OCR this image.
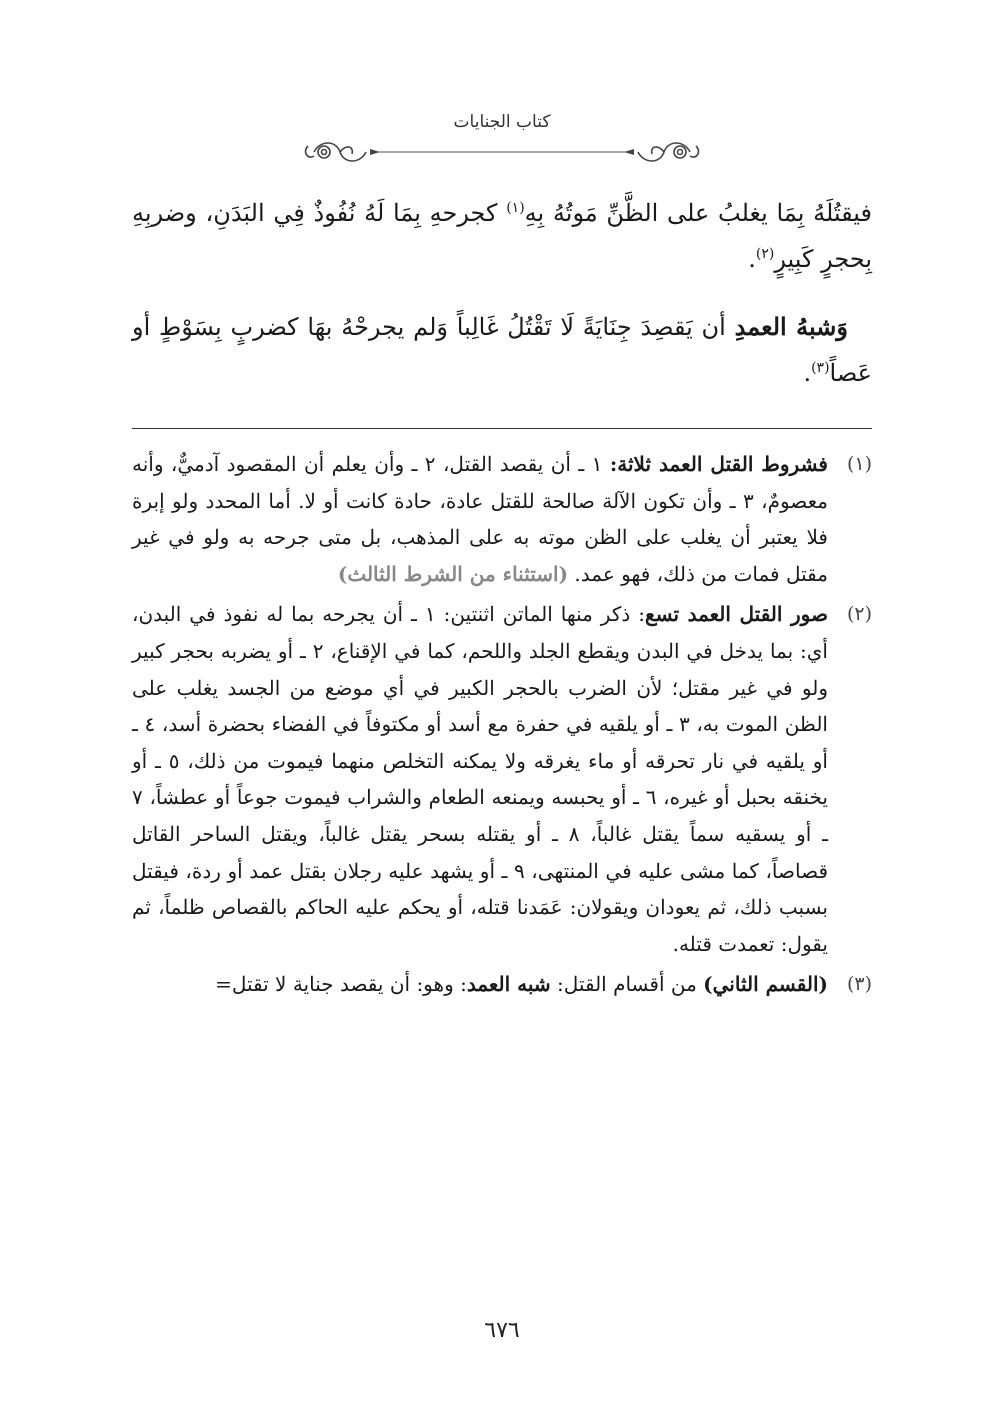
كتاب الجنايات

فيقتُلَهُ بِمَا يغلبُ على الظَّنِّ مَوتُهُ بِهِ$^{(١)}$ كجرحهِ بِمَا لَهُ نُفُوذٌ فِي البَدَنِ، وضربِهِ بِحجرٍ كَبِيرٍ$^{(٢)}$.

وَشبهُ العمدِ أن يَقصِدَ جِنَايَةً لَا تَقْتُلُ غَالِباً وَلم يجرحْهُ بهَا كضربٍ بِسَوْطٍ أو عَصاً$^{(٣)}$.

(١)
فشروط القتل العمد ثلاثة: ١ ـ أن يقصد القتل، ٢ ـ وأن يعلم أن المقصود آدميٌّ، وأنه معصومٌ، ٣ ـ وأن تكون الآلة صالحة للقتل عادة، حادة كانت أو لا. أما المحدد ولو إبرة فلا يعتبر أن يغلب على الظن موته به على المذهب، بل متى جرحه به ولو في غير مقتل فمات من ذلك، فهو عمد. (استثناء من الشرط الثالث)
(٢)
صور القتل العمد تسع: ذكر منها الماتن اثنتين: ١ ـ أن يجرحه بما له نفوذ في البدن، أي: بما يدخل في البدن ويقطع الجلد واللحم، كما في الإقناع، ٢ ـ أو يضربه بحجر كبير ولو في غير مقتل؛ لأن الضرب بالحجر الكبير في أي موضع من الجسد يغلب على الظن الموت به، ٣ ـ أو يلقيه في حفرة مع أسد أو مكتوفاً في الفضاء بحضرة أسد، ٤ ـ أو يلقيه في نار تحرقه أو ماء يغرقه ولا يمكنه التخلص منهما فيموت من ذلك، ٥ ـ أو يخنقه بحبل أو غيره، ٦ ـ أو يحبسه ويمنعه الطعام والشراب فيموت جوعاً أو عطشاً، ٧ ـ أو يسقيه سماً يقتل غالباً، ٨ ـ أو يقتله بسحر يقتل غالباً، ويقتل الساحر القاتل قصاصاً، كما مشى عليه في المنتهى، ٩ ـ أو يشهد عليه رجلان بقتل عمد أو ردة، فيقتل بسبب ذلك، ثم يعودان ويقولان: عَمَدنا قتله، أو يحكم عليه الحاكم بالقصاص ظلماً، ثم يقول: تعمدت قتله.
(٣)
(القسم الثاني) من أقسام القتل: شبه العمد: وهو: أن يقصد جناية لا تقتل=
٦٧٦
